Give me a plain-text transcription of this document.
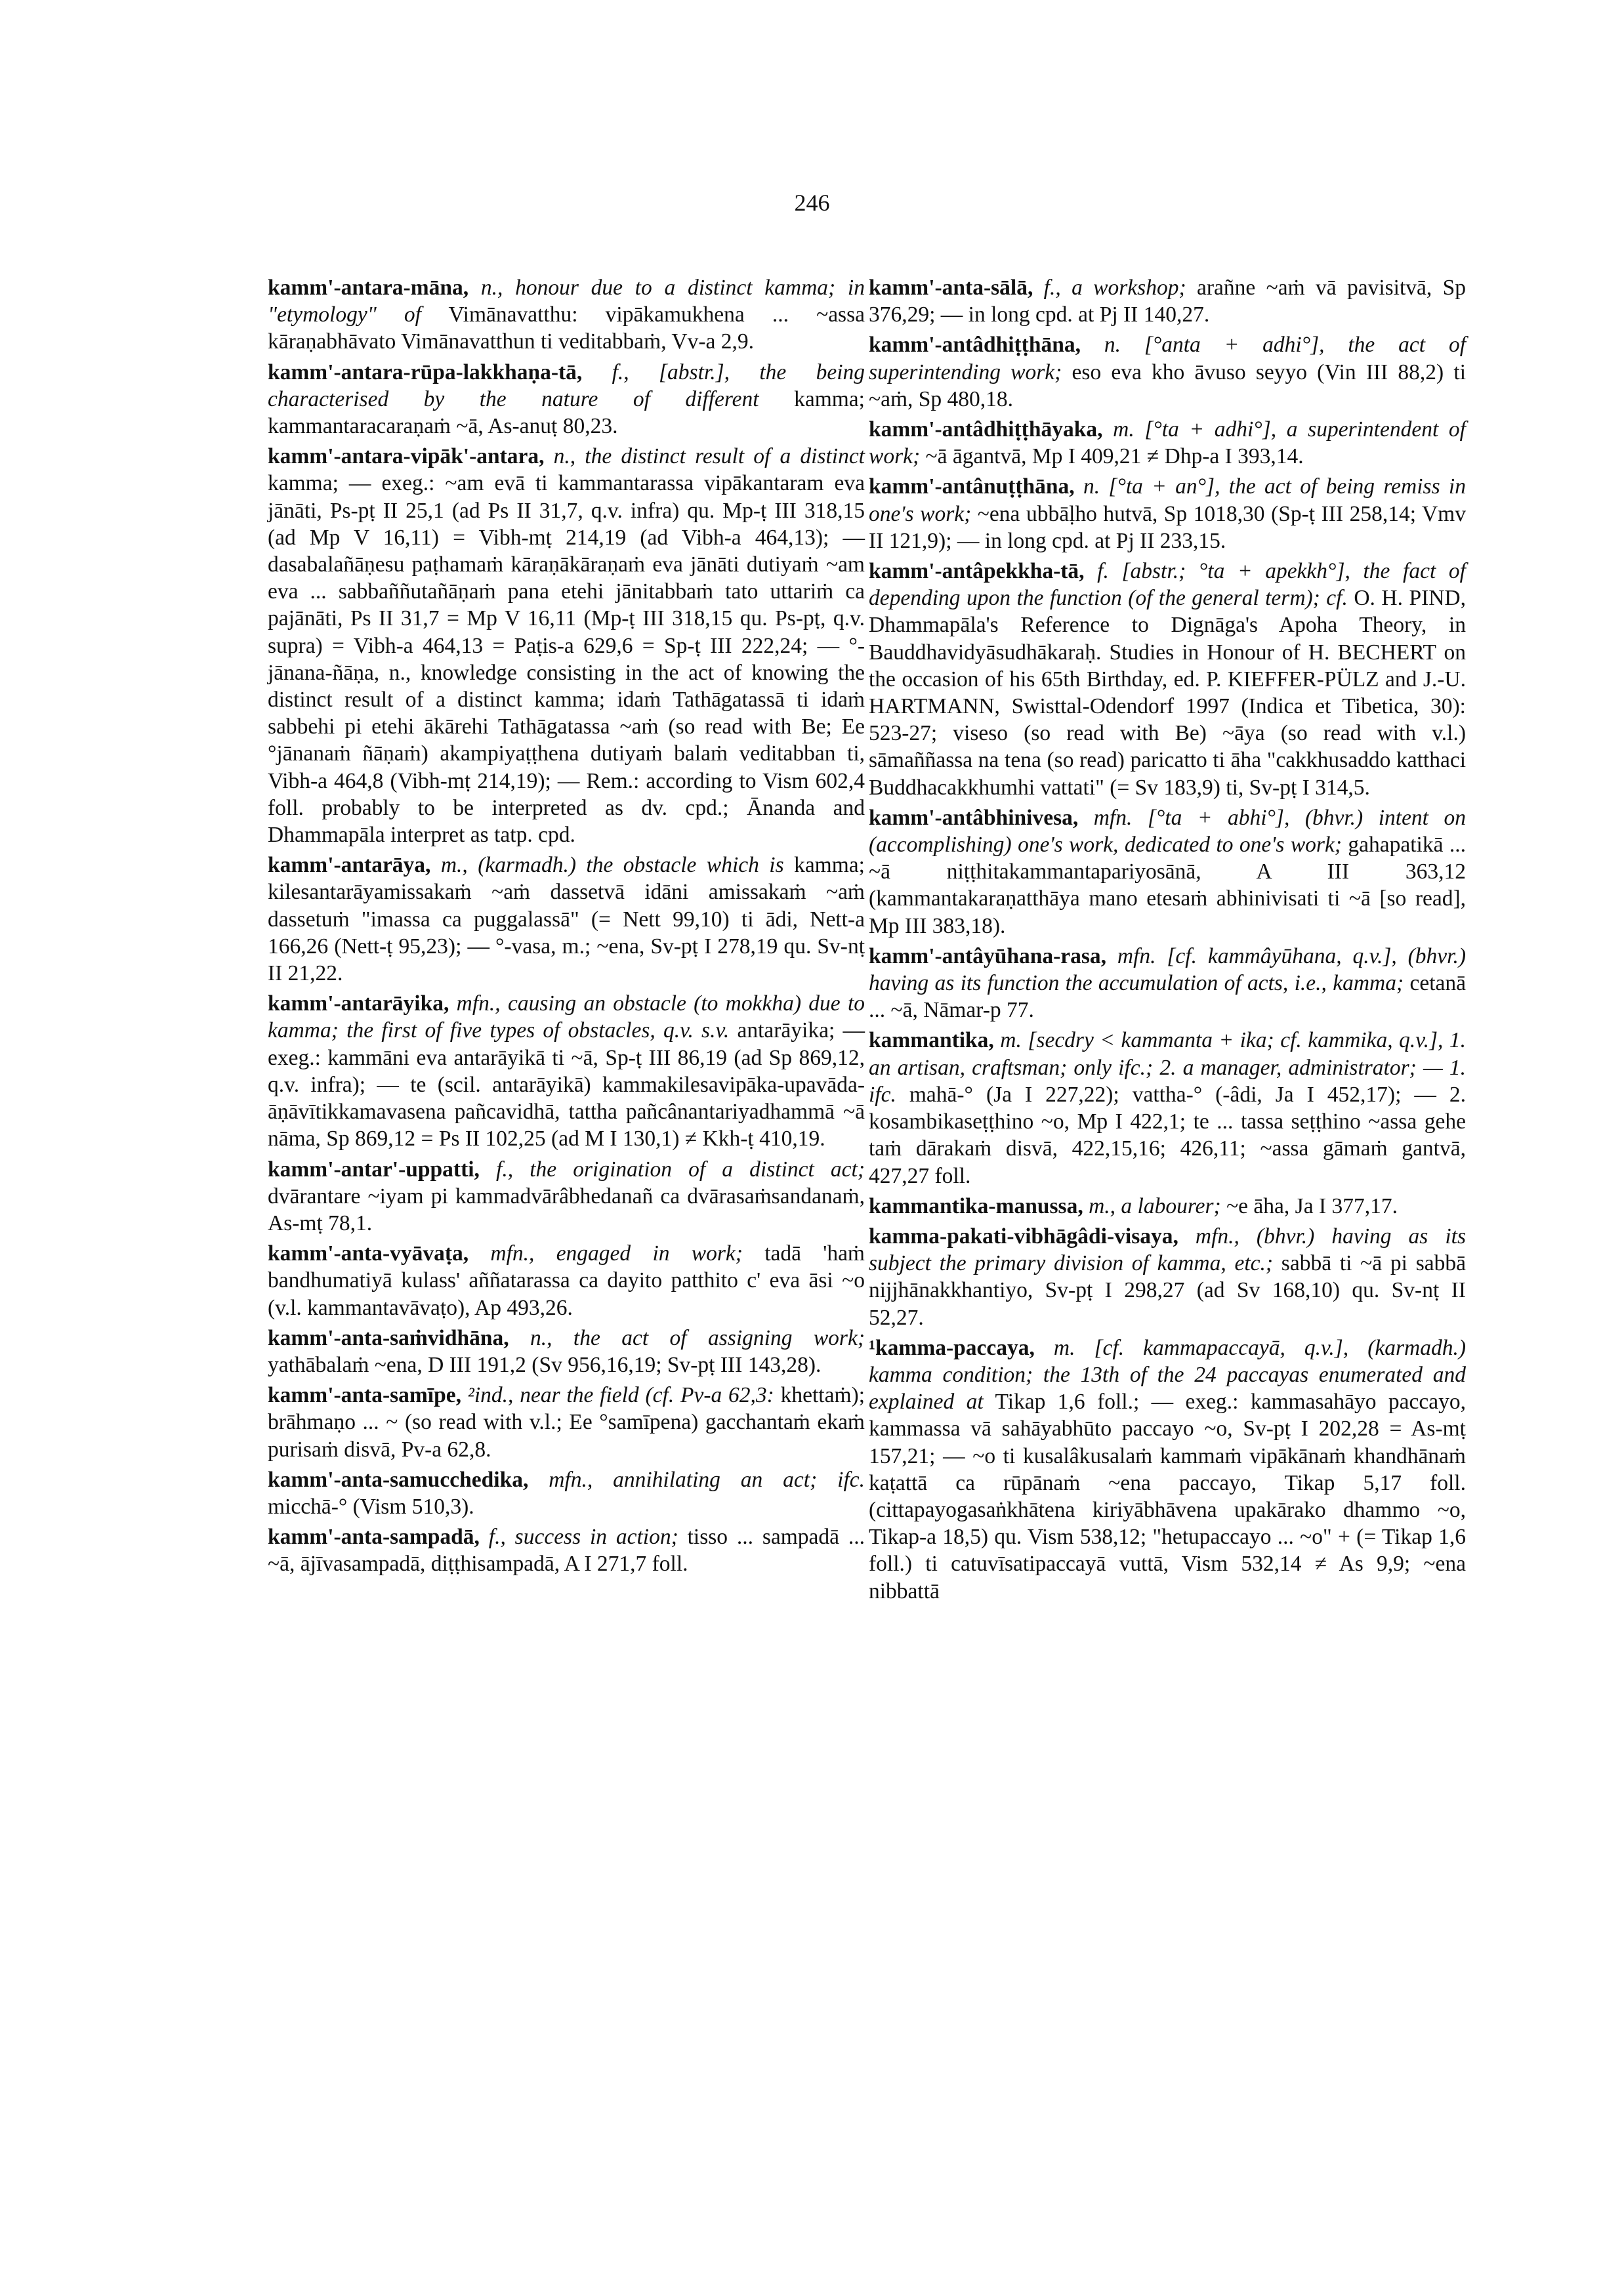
246

kamm'-antara-māna, n., honour due to a distinct kamma; in "etymology" of Vimānavatthu: vipākamukhena ... ~assa kāraṇabhāvato Vimānavatthun ti veditabbaṁ, Vv-a 2,9.

kamm'-antara-rūpa-lakkhaṇa-tā, f., [abstr.], the being characterised by the nature of different kamma; kammantaracaraṇaṁ ~ā, As-anuṭ 80,23.

kamm'-antara-vipāk'-antara, n., the distinct result of a distinct kamma; — exeg.: ~am evā ti kammantarassa vipākantaram eva jānāti, Ps-pṭ II 25,1 (ad Ps II 31,7, q.v. infra) qu. Mp-ṭ III 318,15 (ad Mp V 16,11) = Vibh-mṭ 214,19 (ad Vibh-a 464,13); — dasabalañāṇesu paṭhamaṁ kāraṇākāraṇaṁ eva jānāti dutiyaṁ ~am eva ... sabbaññutañāṇaṁ pana etehi jānitabbaṁ tato uttariṁ ca pajānāti, Ps II 31,7 = Mp V 16,11 (Mp-ṭ III 318,15 qu. Ps-pṭ, q.v. supra) = Vibh-a 464,13 = Paṭis-a 629,6 = Sp-ṭ III 222,24; — °-jānana-ñāṇa, n., knowledge consisting in the act of knowing the distinct result of a distinct kamma; idaṁ Tathāgatassā ti idaṁ sabbehi pi etehi ākārehi Tathāgatassa ~aṁ (so read with Be; Ee °jānanaṁ ñāṇaṁ) akampiyaṭṭhena dutiyaṁ balaṁ veditabban ti, Vibh-a 464,8 (Vibh-mṭ 214,19); — Rem.: according to Vism 602,4 foll. probably to be interpreted as dv. cpd.; Ānanda and Dhammapāla interpret as tatp. cpd.

kamm'-antarāya, m., (karmadh.) the obstacle which is kamma; kilesantarāyamissakaṁ ~aṁ dassetvā idāni amissakaṁ ~aṁ dassetuṁ "imassa ca puggalassā" (= Nett 99,10) ti ādi, Nett-a 166,26 (Nett-ṭ 95,23); — °-vasa, m.; ~ena, Sv-pṭ I 278,19 qu. Sv-nṭ II 21,22.

kamm'-antarāyika, mfn., causing an obstacle (to mokkha) due to kamma; the first of five types of obstacles, q.v. s.v. antarāyika; — exeg.: kammāni eva antarāyikā ti ~ā, Sp-ṭ III 86,19 (ad Sp 869,12, q.v. infra); — te (scil. antarāyikā) kammakilesavipāka-upavāda-āṇāvītikkamavasena pañcavidhā, tattha pañcânantariyadhammā ~ā nāma, Sp 869,12 = Ps II 102,25 (ad M I 130,1) ≠ Kkh-ṭ 410,19.

kamm'-antar'-uppatti, f., the origination of a distinct act; dvārantare ~iyam pi kammadvārâbhedanañ ca dvārasaṁsandanaṁ, As-mṭ 78,1.

kamm'-anta-vyāvaṭa, mfn., engaged in work; tadā 'haṁ bandhumatiyā kulass' aññatarassa ca dayito patthito c' eva āsi ~o (v.l. kammantavāvaṭo), Ap 493,26.

kamm'-anta-saṁvidhāna, n., the act of assigning work; yathābalaṁ ~ena, D III 191,2 (Sv 956,16,19; Sv-pṭ III 143,28).

kamm'-anta-samīpe, ²ind., near the field (cf. Pv-a 62,3: khettaṁ); brāhmaṇo ... ~ (so read with v.l.; Ee °samīpena) gacchantaṁ ekaṁ purisaṁ disvā, Pv-a 62,8.

kamm'-anta-samucchedika, mfn., annihilating an act; ifc. micchā-° (Vism 510,3).

kamm'-anta-sampadā, f., success in action; tisso ... sampadā ... ~ā, ājīvasampadā, diṭṭhisampadā, A I 271,7 foll.

kamm'-anta-sālā, f., a workshop; arañne ~aṁ vā pavisitvā, Sp 376,29; — in long cpd. at Pj II 140,27.

kamm'-antâdhiṭṭhāna, n. [°anta + adhi°], the act of superintending work; eso eva kho āvuso seyyo (Vin III 88,2) ti ~aṁ, Sp 480,18.

kamm'-antâdhiṭṭhāyaka, m. [°ta + adhi°], a superintendent of work; ~ā āgantvā, Mp I 409,21 ≠ Dhp-a I 393,14.

kamm'-antânuṭṭhāna, n. [°ta + an°], the act of being remiss in one's work; ~ena ubbāḷho hutvā, Sp 1018,30 (Sp-ṭ III 258,14; Vmv II 121,9); — in long cpd. at Pj II 233,15.

kamm'-antâpekkha-tā, f. [abstr.; °ta + apekkh°], the fact of depending upon the function (of the general term); cf. O. H. PIND, Dhammapāla's Reference to Dignāga's Apoha Theory, in Bauddhavidyāsudhākaraḥ. Studies in Honour of H. BECHERT on the occasion of his 65th Birthday, ed. P. KIEFFER-PÜLZ and J.-U. HARTMANN, Swisttal-Odendorf 1997 (Indica et Tibetica, 30): 523-27; viseso (so read with Be) ~āya (so read with v.l.) sāmaññassa na tena (so read) paricatto ti āha "cakkhusaddo katthaci Buddhacakkhumhi vattati" (= Sv 183,9) ti, Sv-pṭ I 314,5.

kamm'-antâbhinivesa, mfn. [°ta + abhi°], (bhvr.) intent on (accomplishing) one's work, dedicated to one's work; gahapatikā ... ~ā niṭṭhitakammantapariyosānā, A III 363,12 (kammantakaraṇatthāya mano etesaṁ abhinivisati ti ~ā [so read], Mp III 383,18).

kamm'-antâyūhana-rasa, mfn. [cf. kammâyūhana, q.v.], (bhvr.) having as its function the accumulation of acts, i.e., kamma; cetanā ... ~ā, Nāmar-p 77.

kammantika, m. [secdry < kammanta + ika; cf. kammika, q.v.], 1. an artisan, craftsman; only ifc.; 2. a manager, administrator; — 1. ifc. mahā-° (Ja I 227,22); vattha-° (-âdi, Ja I 452,17); — 2. kosambikaseṭṭhino ~o, Mp I 422,1; te ... tassa seṭṭhino ~assa gehe taṁ dārakaṁ disvā, 422,15,16; 426,11; ~assa gāmaṁ gantvā, 427,27 foll.

kammantika-manussa, m., a labourer; ~e āha, Ja I 377,17.

kamma-pakati-vibhāgâdi-visaya, mfn., (bhvr.) having as its subject the primary division of kamma, etc.; sabbā ti ~ā pi sabbā nijjhānakkhantiyo, Sv-pṭ I 298,27 (ad Sv 168,10) qu. Sv-nṭ II 52,27.

¹kamma-paccaya, m. [cf. kammapaccayā, q.v.], (karmadh.) kamma condition; the 13th of the 24 paccayas enumerated and explained at Tikap 1,6 foll.; — exeg.: kammasahāyo paccayo, kammassa vā sahāyabhūto paccayo ~o, Sv-pṭ I 202,28 = As-mṭ 157,21; — ~o ti kusalâkusalaṁ kammaṁ vipākānaṁ khandhānaṁ kaṭattā ca rūpānaṁ ~ena paccayo, Tikap 5,17 foll. (cittapayogasaṅkhātena kiriyābhāvena upakārako dhammo ~o, Tikap-a 18,5) qu. Vism 538,12; "hetupaccayo ... ~o" + (= Tikap 1,6 foll.) ti catuvīsatipaccayā vuttā, Vism 532,14 ≠ As 9,9; ~ena nibbattā
